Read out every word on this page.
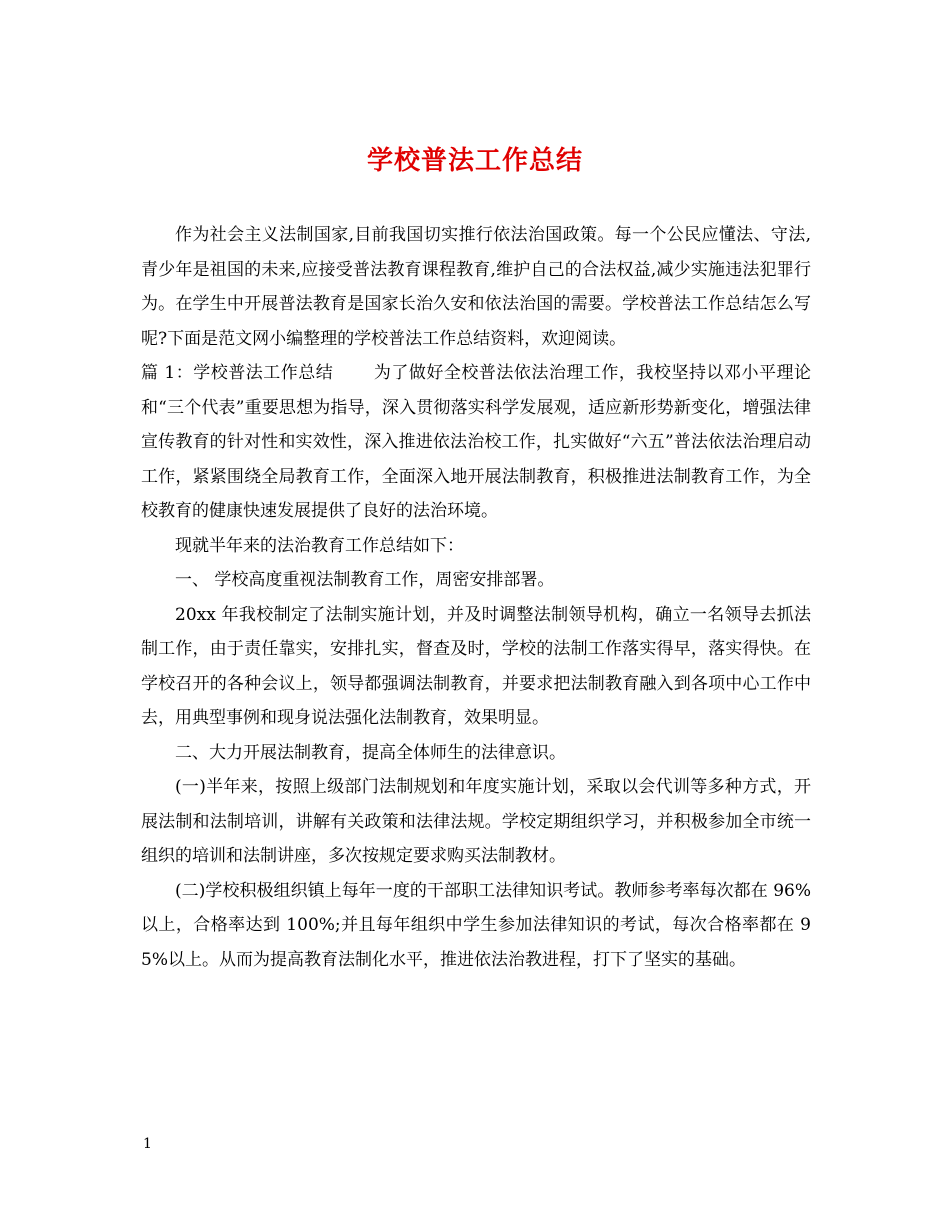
学校普法工作总结

作为社会主义法制国家,目前我国切实推行依法治国政策。每一个公民应懂法、守法,青少年是祖国的未来,应接受普法教育课程教育,维护自己的合法权益,减少实施违法犯罪行为。在学生中开展普法教育是国家长治久安和依法治国的需要。学校普法工作总结怎么写呢?下面是范文网小编整理的学校普法工作总结资料，欢迎阅读。

篇 1：学校普法工作总结 为了做好全校普法依法治理工作，我校坚持以邓小平理论和“三个代表”重要思想为指导，深入贯彻落实科学发展观，适应新形势新变化，增强法律宣传教育的针对性和实效性，深入推进依法治校工作，扎实做好“六五”普法依法治理启动工作，紧紧围绕全局教育工作，全面深入地开展法制教育，积极推进法制教育工作，为全校教育的健康快速发展提供了良好的法治环境。

现就半年来的法治教育工作总结如下：

一、 学校高度重视法制教育工作，周密安排部署。

20xx 年我校制定了法制实施计划，并及时调整法制领导机构，确立一名领导去抓法制工作，由于责任靠实，安排扎实，督查及时，学校的法制工作落实得早，落实得快。在学校召开的各种会议上，领导都强调法制教育，并要求把法制教育融入到各项中心工作中去，用典型事例和现身说法强化法制教育，效果明显。

二、大力开展法制教育，提高全体师生的法律意识。

(一)半年来，按照上级部门法制规划和年度实施计划，采取以会代训等多种方式，开展法制和法制培训，讲解有关政策和法律法规。学校定期组织学习，并积极参加全市统一组织的培训和法制讲座，多次按规定要求购买法制教材。

(二)学校积极组织镇上每年一度的干部职工法律知识考试。教师参考率每次都在 96%以上，合格率达到 100%;并且每年组织中学生参加法律知识的考试，每次合格率都在 95%以上。从而为提高教育法制化水平，推进依法治教进程，打下了坚实的基础。

1
